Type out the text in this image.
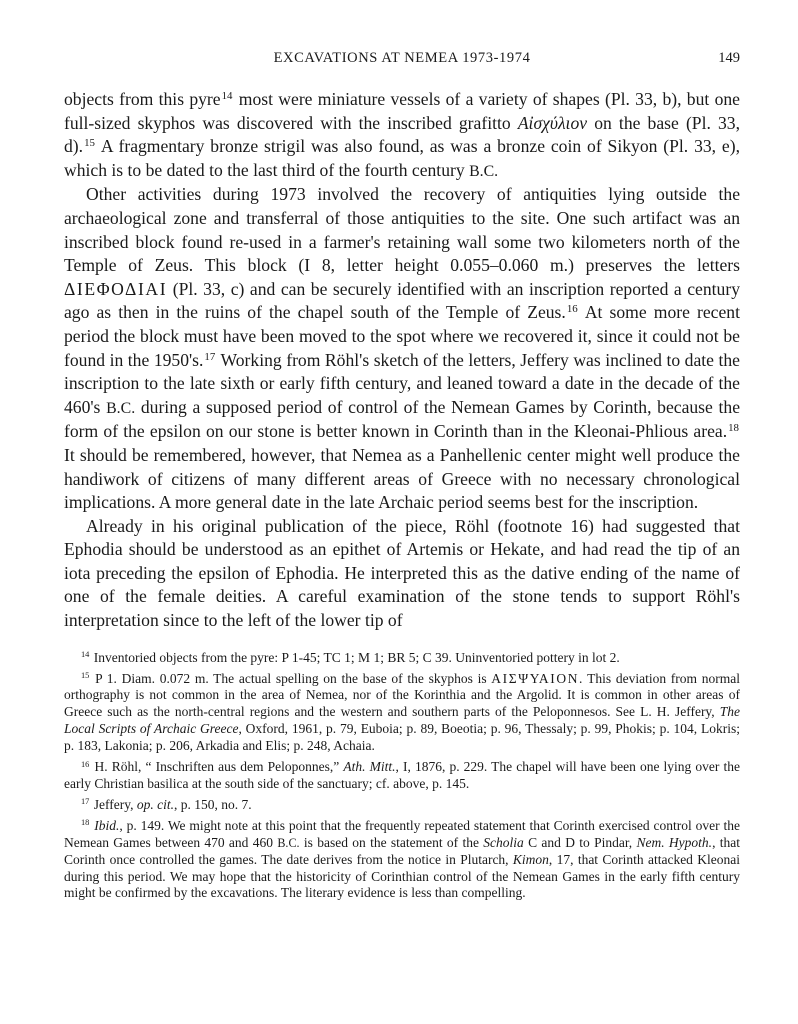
EXCAVATIONS AT NEMEA 1973-1974	149

objects from this pyre$^{14}$ most were miniature vessels of a variety of shapes (Pl. 33, b), but one full-sized skyphos was discovered with the inscribed grafitto Αἰσχύλιον on the base (Pl. 33, d).$^{15}$ A fragmentary bronze strigil was also found, as was a bronze coin of Sikyon (Pl. 33, e), which is to be dated to the last third of the fourth century B.C.

Other activities during 1973 involved the recovery of antiquities lying outside the archaeological zone and transferral of those antiquities to the site. One such artifact was an inscribed block found re-used in a farmer's retaining wall some two kilometers north of the Temple of Zeus. This block (I 8, letter height 0.055–0.060 m.) preserves the letters ΔΙΕΦΟΔΙΑΙ (Pl. 33, c) and can be securely identified with an inscription reported a century ago as then in the ruins of the chapel south of the Temple of Zeus.$^{16}$ At some more recent period the block must have been moved to the spot where we recovered it, since it could not be found in the 1950's.$^{17}$ Working from Röhl's sketch of the letters, Jeffery was inclined to date the inscription to the late sixth or early fifth century, and leaned toward a date in the decade of the 460's B.C. during a supposed period of control of the Nemean Games by Corinth, because the form of the epsilon on our stone is better known in Corinth than in the Kleonai-Phlious area.$^{18}$ It should be remembered, however, that Nemea as a Panhellenic center might well produce the handiwork of citizens of many different areas of Greece with no necessary chronological implications. A more general date in the late Archaic period seems best for the inscription.

Already in his original publication of the piece, Röhl (footnote 16) had suggested that Ephodia should be understood as an epithet of Artemis or Hekate, and had read the tip of an iota preceding the epsilon of Ephodia. He interpreted this as the dative ending of the name of one of the female deities. A careful examination of the stone tends to support Röhl's interpretation since to the left of the lower tip of

$^{14}$ Inventoried objects from the pyre: P 1-45; TC 1; M 1; BR 5; C 39. Uninventoried pottery in lot 2.

$^{15}$ P 1. Diam. 0.072 m. The actual spelling on the base of the skyphos is ΑΙΣΨΥΑΙΟΝ. This deviation from normal orthography is not common in the area of Nemea, nor of the Korinthia and the Argolid. It is common in other areas of Greece such as the north-central regions and the western and southern parts of the Peloponnesos. See L. H. Jeffery, The Local Scripts of Archaic Greece, Oxford, 1961, p. 79, Euboia; p. 89, Boeotia; p. 96, Thessaly; p. 99, Phokis; p. 104, Lokris; p. 183, Lakonia; p. 206, Arkadia and Elis; p. 248, Achaia.

$^{16}$ H. Röhl, “ Inschriften aus dem Peloponnes,” Ath. Mitt., I, 1876, p. 229. The chapel will have been one lying over the early Christian basilica at the south side of the sanctuary; cf. above, p. 145.

$^{17}$ Jeffery, op. cit., p. 150, no. 7.

$^{18}$ Ibid., p. 149. We might note at this point that the frequently repeated statement that Corinth exercised control over the Nemean Games between 470 and 460 B.C. is based on the statement of the Scholia C and D to Pindar, Nem. Hypoth., that Corinth once controlled the games. The date derives from the notice in Plutarch, Kimon, 17, that Corinth attacked Kleonai during this period. We may hope that the historicity of Corinthian control of the Nemean Games in the early fifth century might be confirmed by the excavations. The literary evidence is less than compelling.
